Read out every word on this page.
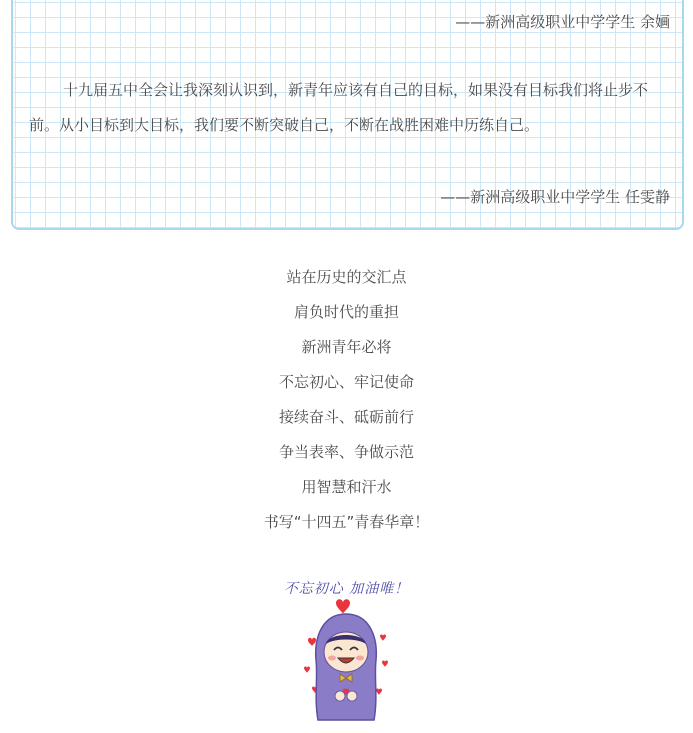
——新洲高级职业中学学生 余婳
十九届五中全会让我深刻认识到，新青年应该有自己的目标，如果没有目标我们将止步不
前。从小目标到大目标，我们要不断突破自己，不断在战胜困难中历练自己。
——新洲高级职业中学学生 任雯静
站在历史的交汇点
肩负时代的重担
新洲青年必将
不忘初心、牢记使命
接续奋斗、砥砺前行
争当表率、争做示范
用智慧和汗水
书写“十四五”青春华章！
不忘初心 加油唯！
